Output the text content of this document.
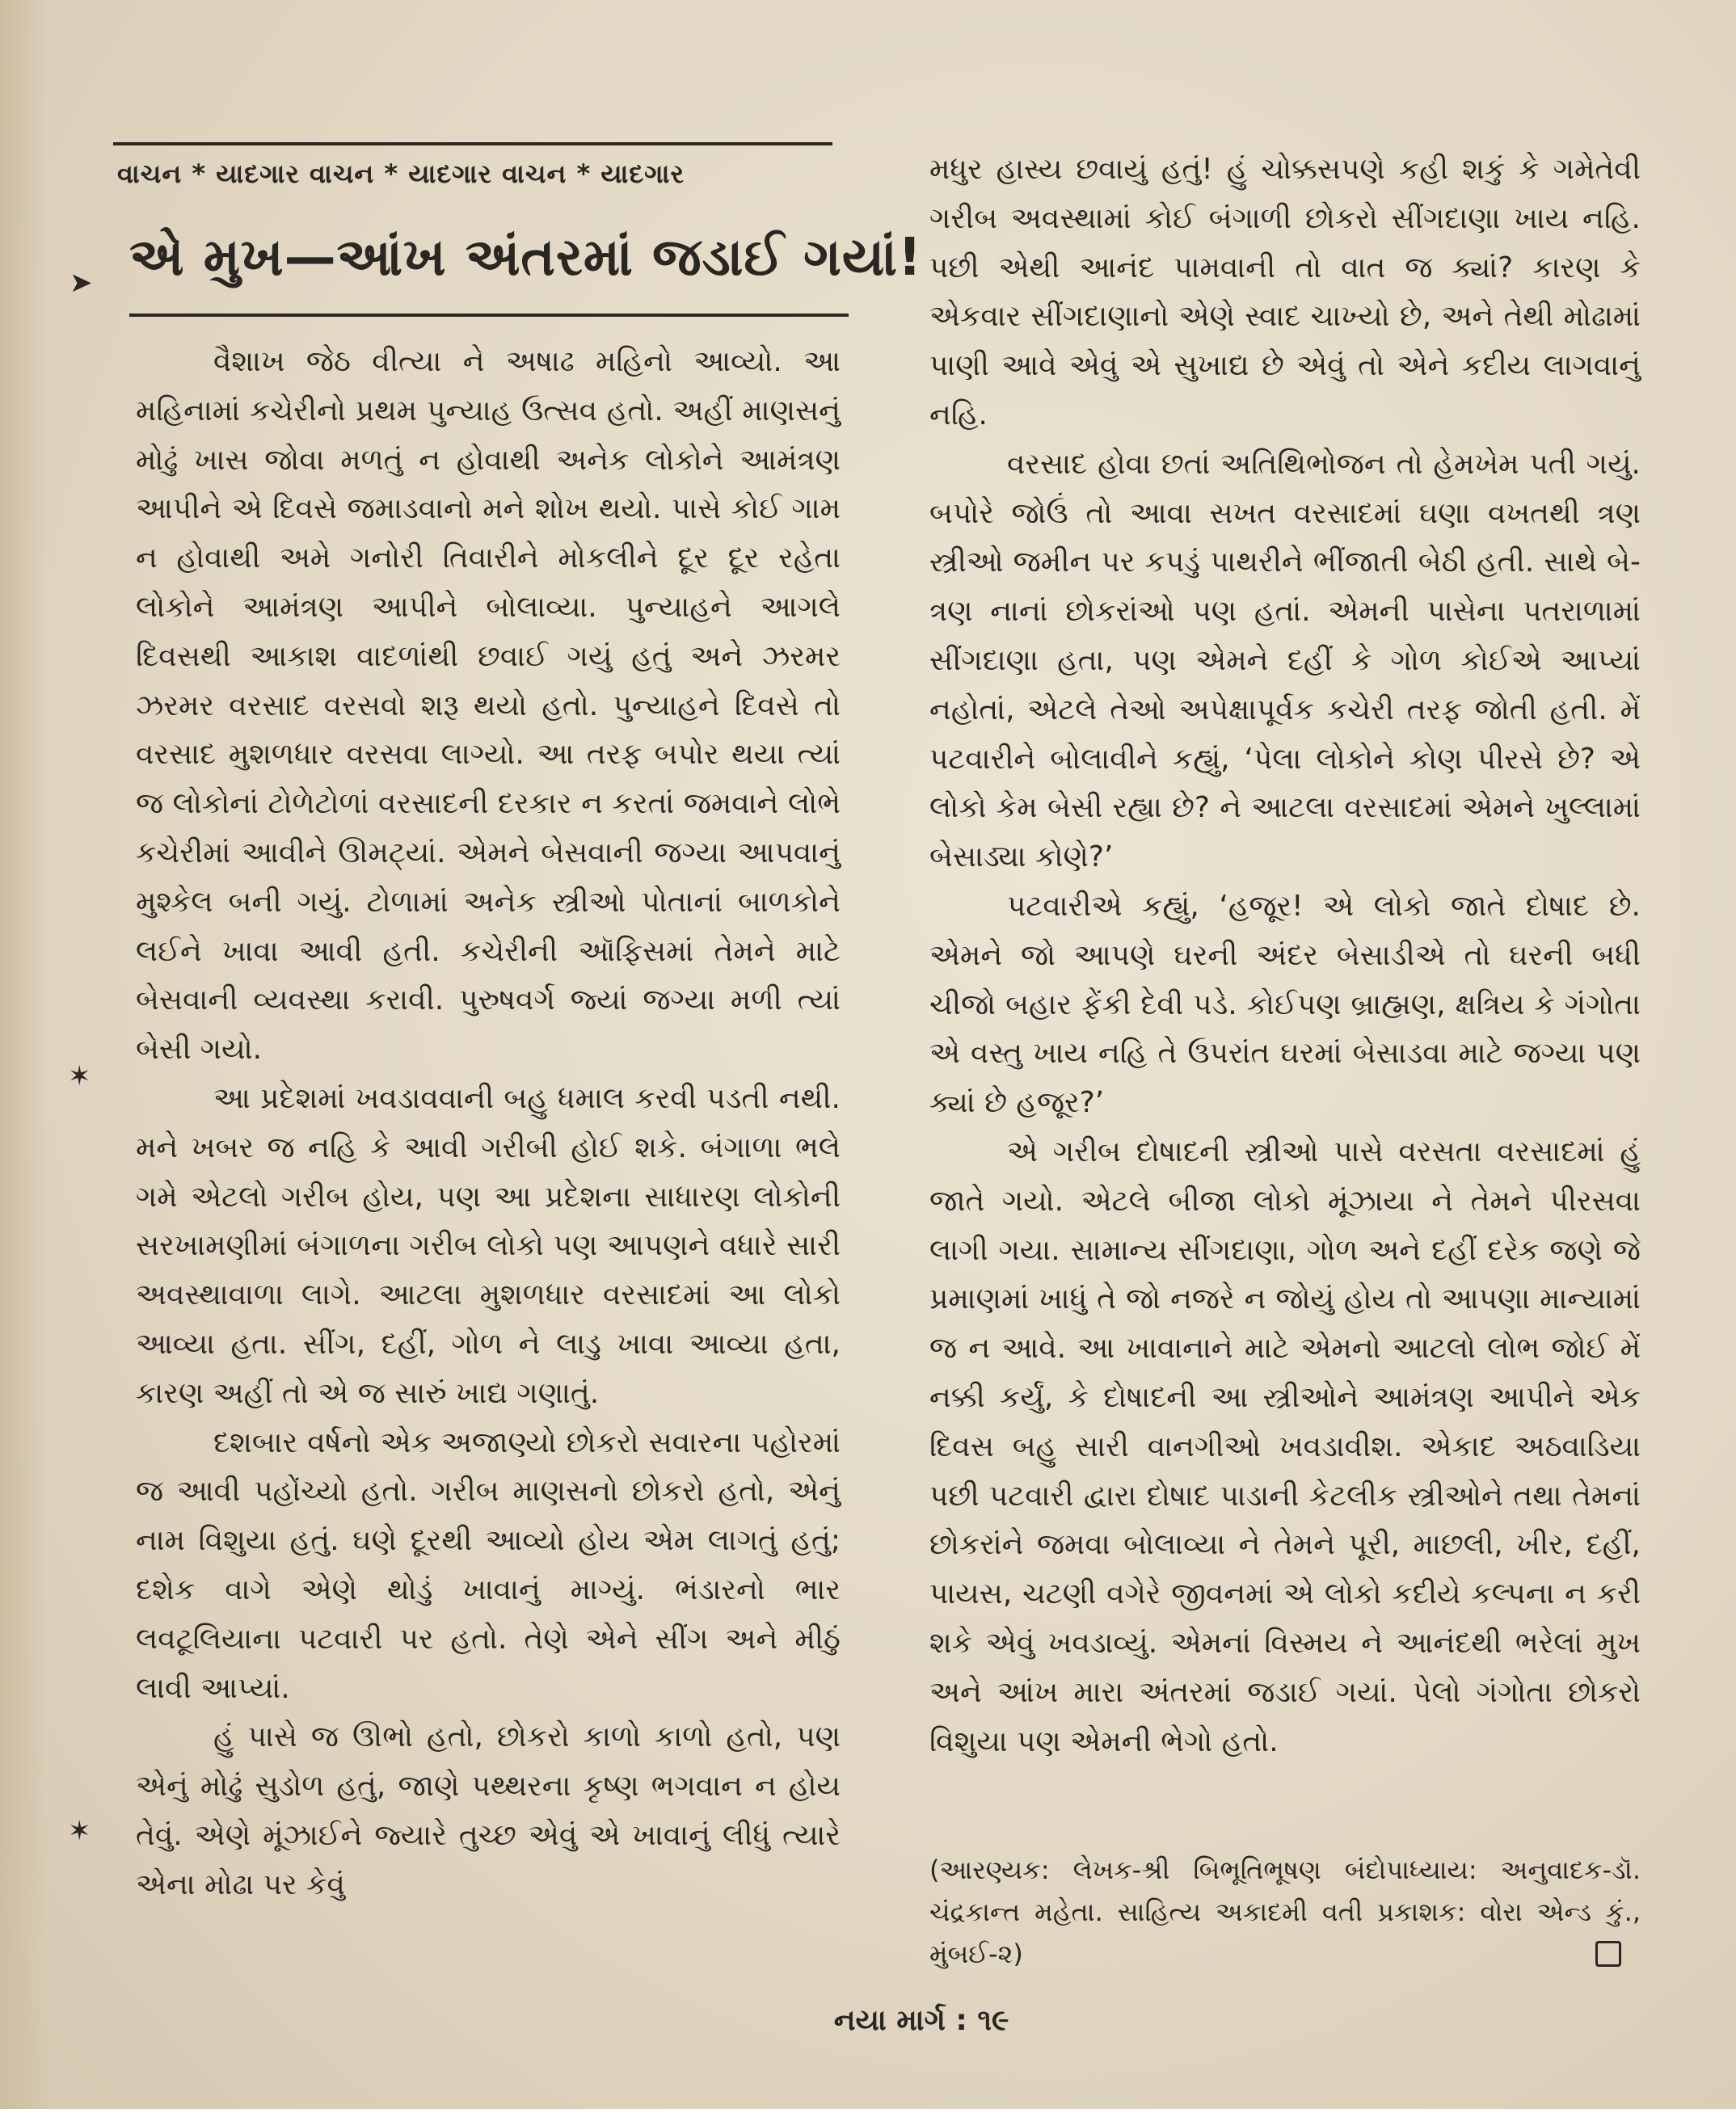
વાચન * યાદગાર વાચન * યાદગાર વાચન * યાદગાર
એ મુખ—આંખ અંતરમાં જડાઈ ગયાં!
➤
✶
✶

વૈશાખ જેઠ વીત્યા ને અષાઢ મહિનો આવ્યો. આ મહિનામાં કચેરીનો પ્રથમ પુન્યાહ ઉત્સવ હતો. અહીં માણસનું મોઢું ખાસ જોવા મળતું ન હોવાથી અનેક લોકોને આમંત્રણ આપીને એ દિવસે જમાડવાનો મને શોખ થયો. પાસે કોઈ ગામ ન હોવાથી અમે ગનોરી તિવારીને મોકલીને દૂર દૂર રહેતા લોકોને આમંત્રણ આપીને બોલાવ્યા. પુન્યાહને આગલે દિવસથી આકાશ વાદળાંથી છવાઈ ગયું હતું અને ઝરમર ઝરમર વરસાદ વરસવો શરૂ થયો હતો. પુન્યાહને દિવસે તો વરસાદ મુશળધાર વરસવા લાગ્યો. આ તરફ બપોર થયા ત્યાં જ લોકોનાં ટોળેટોળાં વરસાદની દરકાર ન કરતાં જમવાને લોભે કચેરીમાં આવીને ઊમટ્યાં. એમને બેસવાની જગ્યા આપવાનું મુશ્કેલ બની ગયું. ટોળામાં અનેક સ્ત્રીઓ પોતાનાં બાળકોને લઈને ખાવા આવી હતી. કચેરીની ઑફિસમાં તેમને માટે બેસવાની વ્યવસ્થા કરાવી. પુરુષવર્ગ જ્યાં જગ્યા મળી ત્યાં બેસી ગયો.

આ પ્રદેશમાં ખવડાવવાની બહુ ધમાલ કરવી પડતી નથી. મને ખબર જ નહિ કે આવી ગરીબી હોઈ શકે. બંગાળા ભલે ગમે એટલો ગરીબ હોય, પણ આ પ્રદેશના સાધારણ લોકોની સરખામણીમાં બંગાળના ગરીબ લોકો પણ આપણને વધારે સારી અવસ્થાવાળા લાગે. આટલા મુશળધાર વરસાદમાં આ લોકો આવ્યા હતા. સીંગ, દહીં, ગોળ ને લાડુ ખાવા આવ્યા હતા, કારણ અહીં તો એ જ સારું ખાદ્ય ગણાતું.

દશબાર વર્ષનો એક અજાણ્યો છોકરો સવારના પહોરમાં જ આવી પહોંચ્યો હતો. ગરીબ માણસનો છોકરો હતો, એનું નામ વિશુયા હતું. ઘણે દૂરથી આવ્યો હોય એમ લાગતું હતું; દશેક વાગે એણે થોડું ખાવાનું માગ્યું. ભંડારનો ભાર લવટૂલિયાના પટવારી પર હતો. તેણે એને સીંગ અને મીઠું લાવી આપ્યાં.

હું પાસે જ ઊભો હતો, છોકરો કાળો કાળો હતો, પણ એનું મોઢું સુડોળ હતું, જાણે પથ્થરના કૃષ્ણ ભગવાન ન હોય તેવું. એણે મૂંઝાઈને જ્યારે તુચ્છ એવું એ ખાવાનું લીધું ત્યારે એના મોઢા પર કેવું

મધુર હાસ્ય છવાયું હતું! હું ચોક્કસપણે કહી શકું કે ગમેતેવી ગરીબ અવસ્થામાં કોઈ બંગાળી છોકરો સીંગદાણા ખાય નહિ. પછી એથી આનંદ પામવાની તો વાત જ ક્યાં? કારણ કે એકવાર સીંગદાણાનો એણે સ્વાદ ચાખ્યો છે, અને તેથી મોઢામાં પાણી આવે એવું એ સુખાદ્ય છે એવું તો એને કદીય લાગવાનું નહિ.

વરસાદ હોવા છતાં અતિથિભોજન તો હેમખેમ પતી ગયું. બપોરે જોઉં તો આવા સખત વરસાદમાં ઘણા વખતથી ત્રણ સ્ત્રીઓ જમીન પર કપડું પાથરીને ભીંજાતી બેઠી હતી. સાથે બે-ત્રણ નાનાં છોકરાંઓ પણ હતાં. એમની પાસેના પતરાળામાં સીંગદાણા હતા, પણ એમને દહીં કે ગોળ કોઈએ આપ્યાં નહોતાં, એટલે તેઓ અપેક્ષાપૂર્વક કચેરી તરફ જોતી હતી. મેં પટવારીને બોલાવીને કહ્યું, ‘પેલા લોકોને કોણ પીરસે છે? એ લોકો કેમ બેસી રહ્યા છે? ને આટલા વરસાદમાં એમને ખુલ્લામાં બેસાડ્યા કોણે?’

પટવારીએ કહ્યું, ‘હજૂર! એ લોકો જાતે દોષાદ છે. એમને જો આપણે ઘરની અંદર બેસાડીએ તો ઘરની બધી ચીજો બહાર ફેંકી દેવી પડે. કોઈપણ બ્રાહ્મણ, ક્ષત્રિય કે ગંગોતા એ વસ્તુ ખાય નહિ તે ઉપરાંત ઘરમાં બેસાડવા માટે જગ્યા પણ ક્યાં છે હજૂર?’

એ ગરીબ દોષાદની સ્ત્રીઓ પાસે વરસતા વરસાદમાં હું જાતે ગયો. એટલે બીજા લોકો મૂંઝાયા ને તેમને પીરસવા લાગી ગયા. સામાન્ય સીંગદાણા, ગોળ અને દહીં દરેક જણે જે પ્રમાણમાં ખાધું તે જો નજરે ન જોયું હોય તો આપણા માન્યામાં જ ન આવે. આ ખાવાનાને માટે એમનો આટલો લોભ જોઈ મેં નક્કી કર્યું, કે દોષાદની આ સ્ત્રીઓને આમંત્રણ આપીને એક દિવસ બહુ સારી વાનગીઓ ખવડાવીશ. એકાદ અઠવાડિયા પછી પટવારી દ્વારા દોષાદ પાડાની કેટલીક સ્ત્રીઓને તથા તેમનાં છોકરાંને જમવા બોલાવ્યા ને તેમને પૂરી, માછલી, ખીર, દહીં, પાયસ, ચટણી વગેરે જીવનમાં એ લોકો કદીયે કલ્પના ન કરી શકે એવું ખવડાવ્યું. એમનાં વિસ્મય ને આનંદથી ભરેલાં મુખ અને આંખ મારા અંતરમાં જડાઈ ગયાં. પેલો ગંગોતા છોકરો વિશુયા પણ એમની ભેગો હતો.

(આરણ્યક: લેખક-શ્રી બિભૂતિભૂષણ બંદોપાધ્યાય: અનુવાદક-ડૉ. ચંદ્રકાન્ત મહેતા. સાહિત્ય અકાદમી વતી પ્રકાશક: વોરા એન્ડ કું., મુંબઈ-૨)

નયા માર્ગ : ૧૯
